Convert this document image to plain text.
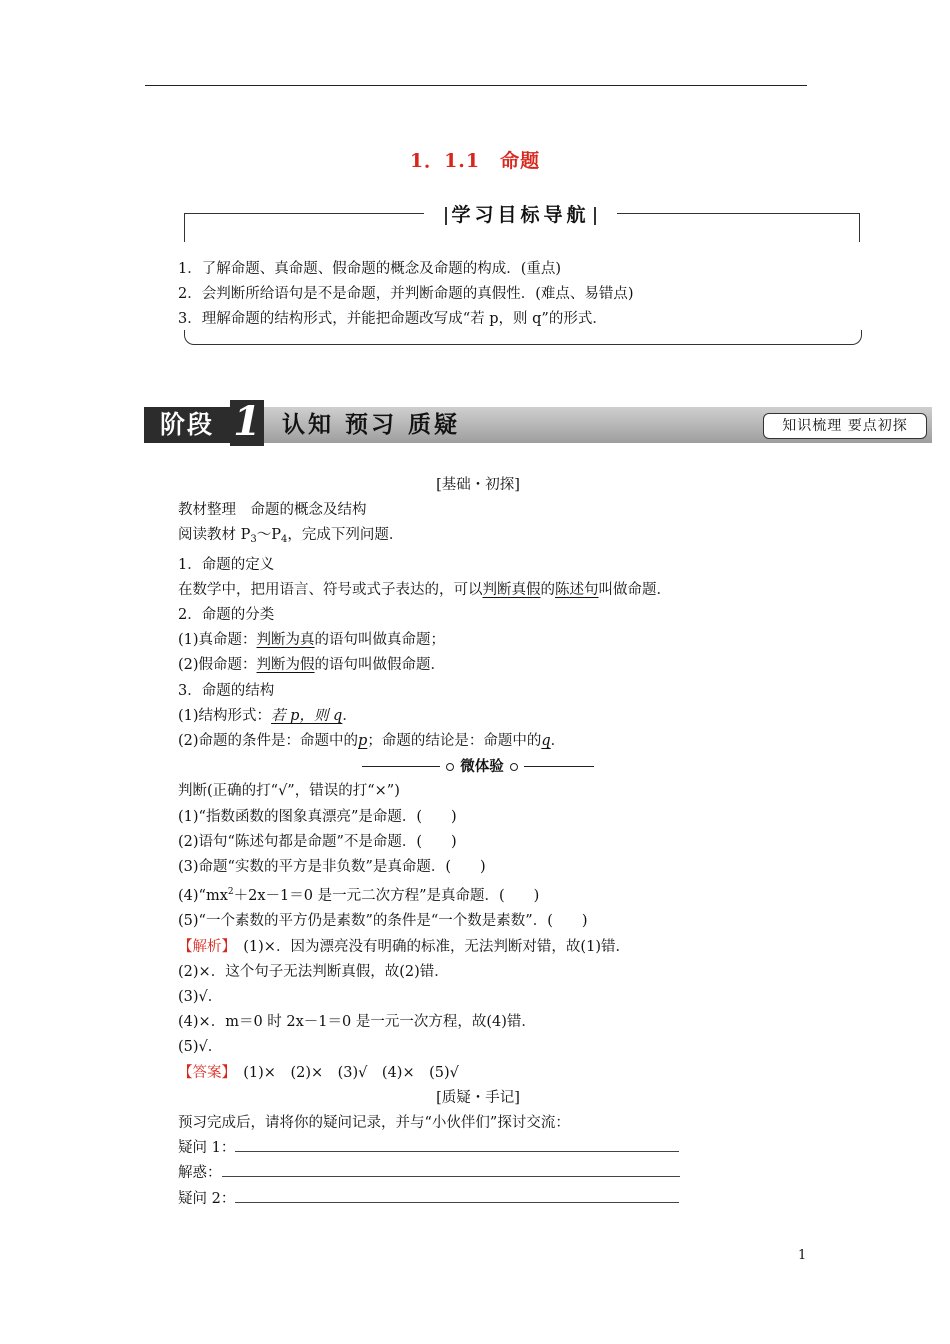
1．1.1　命题
学习目标导航
1．了解命题、真命题、假命题的概念及命题的构成．(重点)
2．会判断所给语句是不是命题，并判断命题的真假性．(难点、易错点)
3．理解命题的结构形式，并能把命题改写成“若 p，则 q”的形式．
阶段 1 认知 预习 质疑	知识梳理 要点初探
[基础・初探]
教材整理　命题的概念及结构
阅读教材 $P_3\sim P_4$，完成下列问题．
1．命题的定义
在数学中，把用语言、符号或式子表达的，可以判断真假的陈述句叫做命题．
2．命题的分类
(1)真命题：判断为真的语句叫做真命题；
(2)假命题：判断为假的语句叫做假命题．
3．命题的结构
(1)结构形式：若 p，则 q．
(2)命题的条件是：命题中的p；命题的结论是：命题中的q．
微体验
判断(正确的打“√”，错误的打“×”)
(1)“指数函数的图象真漂亮”是命题．(　　)
(2)语句“陈述句都是命题”不是命题．(　　)
(3)命题“实数的平方是非负数”是真命题．(　　)
$(4)“mx^2+2x-1=0$ 是一元二次方程”是真命题．(　　)
(5)“一个素数的平方仍是素数”的条件是“一个数是素数”．(　　)
【解析】　(1)×．因为漂亮没有明确的标准，无法判断对错，故(1)错．
(2)×．这个句子无法判断真假，故(2)错．
(3)√．
(4)×．m＝0 时 2x－1＝0 是一元一次方程，故(4)错．
(5)√．
【答案】　(1)×　(2)×　(3)√　(4)×　(5)√
[质疑・手记]
预习完成后，请将你的疑问记录，并与“小伙伴们”探讨交流：
疑问 1：
解惑：
疑问 2：
1
